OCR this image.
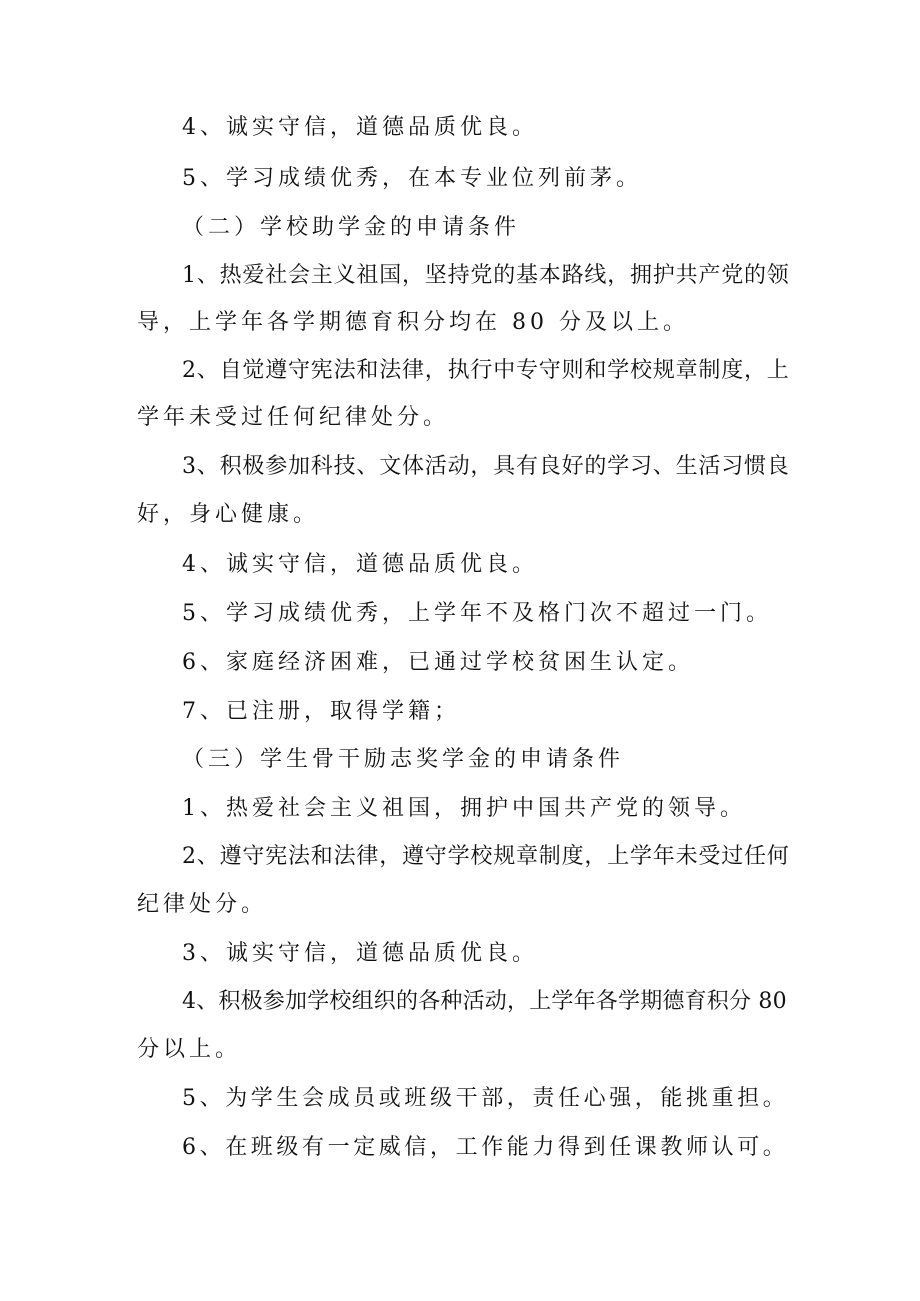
4、诚实守信，道德品质优良。
5、学习成绩优秀，在本专业位列前茅。
（二）学校助学金的申请条件
1、热爱社会主义祖国，坚持党的基本路线，拥护共产党的领
导，上学年各学期德育积分均在 80 分及以上。
2、自觉遵守宪法和法律，执行中专守则和学校规章制度，上
学年未受过任何纪律处分。
3、积极参加科技、文体活动，具有良好的学习、生活习惯良
好，身心健康。
4、诚实守信，道德品质优良。
5、学习成绩优秀，上学年不及格门次不超过一门。
6、家庭经济困难，已通过学校贫困生认定。
7、已注册，取得学籍；
（三）学生骨干励志奖学金的申请条件
1、热爱社会主义祖国，拥护中国共产党的领导。
2、遵守宪法和法律，遵守学校规章制度，上学年未受过任何
纪律处分。
3、诚实守信，道德品质优良。
4、积极参加学校组织的各种活动，上学年各学期德育积分 80
分以上。
5、为学生会成员或班级干部，责任心强，能挑重担。
6、在班级有一定威信，工作能力得到任课教师认可。
